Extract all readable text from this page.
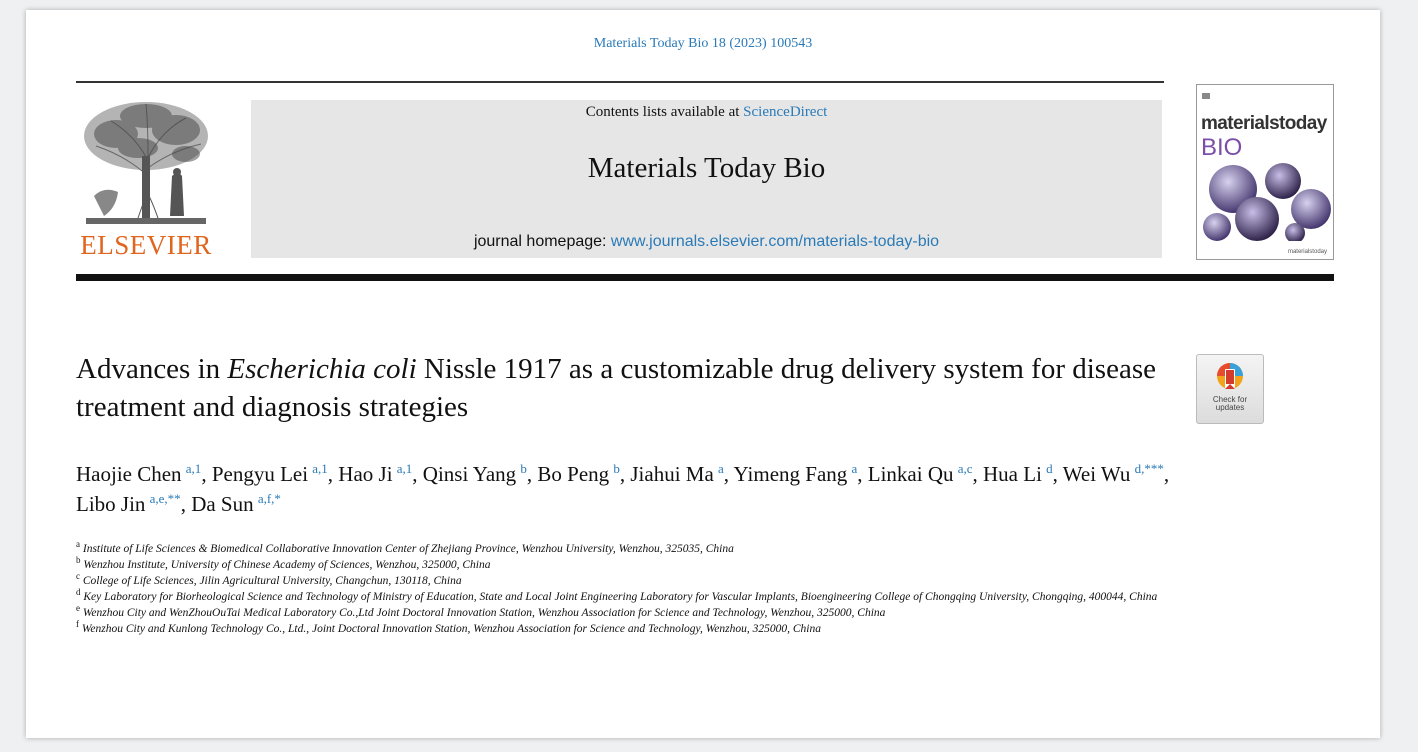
Materials Today Bio 18 (2023) 100543
ELSEVIER
Contents lists available at ScienceDirect
Materials Today Bio
journal homepage: www.journals.elsevier.com/materials-today-bio
materialstoday
BIO
materialstoday
Advances in Escherichia coli Nissle 1917 as a customizable drug delivery system for disease treatment and diagnosis strategies	Check for
updates
Haojie Chen  $^{a,1}$, Pengyu Lei  $^{a,1}$, Hao Ji  $^{a,1}$, Qinsi Yang  $^b$, Bo Peng  $^b$, Jiahui Ma  $^a$, Yimeng Fang  $^a$, Linkai Qu  $^{a,c}$, Hua Li  $^d$, Wei Wu  $^{d,***}$, Libo Jin  $^{a,e,**}$, Da Sun  $^{a,f,*}$
$^a$ Institute of Life Sciences & Biomedical Collaborative Innovation Center of Zhejiang Province, Wenzhou University, Wenzhou, 325035, China
$^b$ Wenzhou Institute, University of Chinese Academy of Sciences, Wenzhou, 325000, China
$^c$ College of Life Sciences, Jilin Agricultural University, Changchun, 130118, China
$^d$ Key Laboratory for Biorheological Science and Technology of Ministry of Education, State and Local Joint Engineering Laboratory for Vascular Implants, Bioengineering College of Chongqing University, Chongqing, 400044, China
$^e$ Wenzhou City and WenZhouOuTai Medical Laboratory Co.,Ltd Joint Doctoral Innovation Station, Wenzhou Association for Science and Technology, Wenzhou, 325000, China
$^f$ Wenzhou City and Kunlong Technology Co., Ltd., Joint Doctoral Innovation Station, Wenzhou Association for Science and Technology, Wenzhou, 325000, China
